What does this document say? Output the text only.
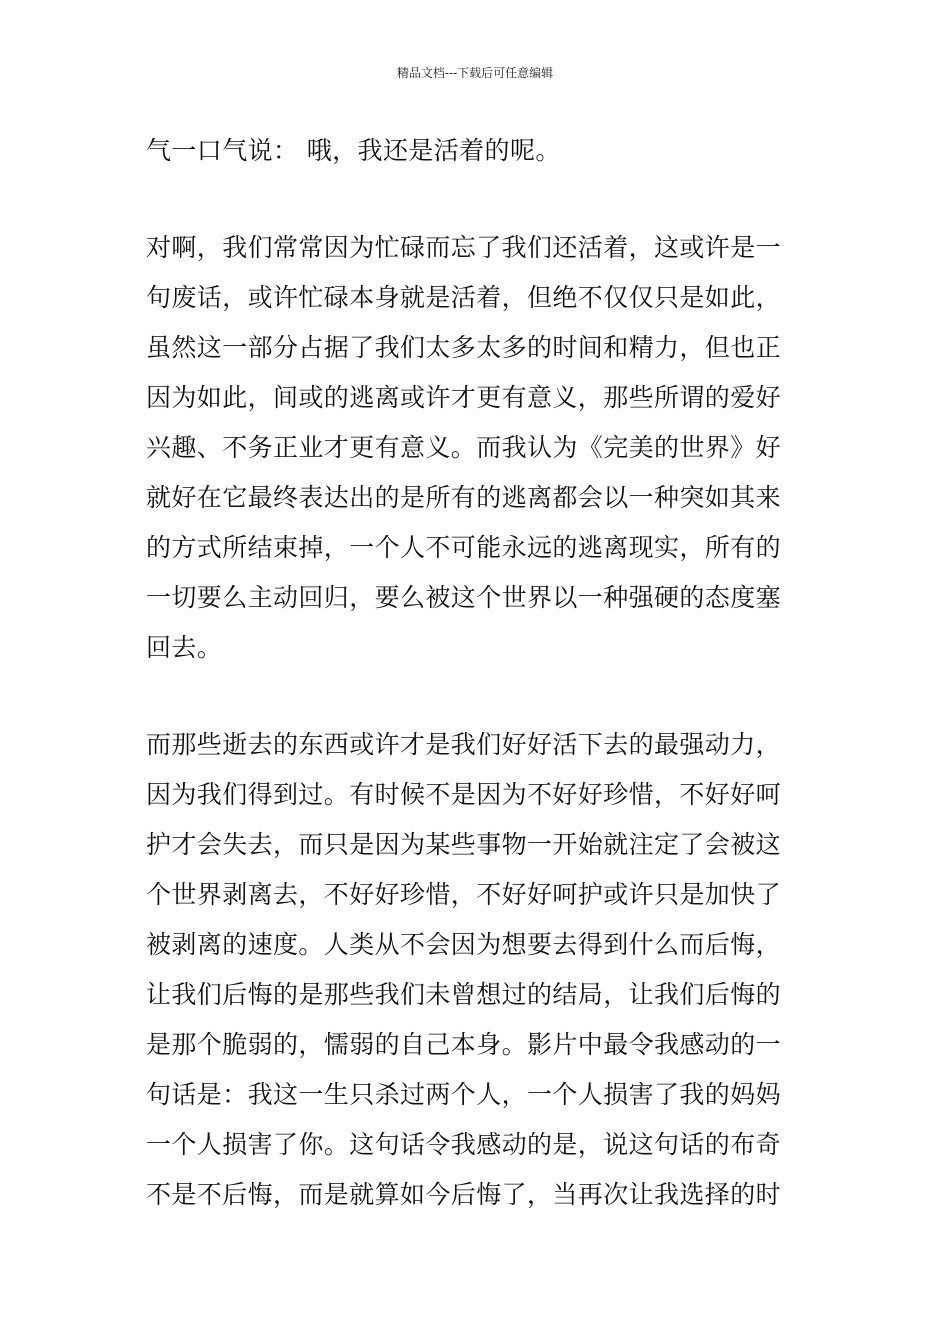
精品文档---下载后可任意编辑
气一口气说： 哦，我还是活着的呢。
对啊，我们常常因为忙碌而忘了我们还活着，这或许是一
句废话，或许忙碌本身就是活着，但绝不仅仅只是如此，
虽然这一部分占据了我们太多太多的时间和精力，但也正
因为如此，间或的逃离或许才更有意义，那些所谓的爱好
兴趣、不务正业才更有意义。而我认为《完美的世界》好
就好在它最终表达出的是所有的逃离都会以一种突如其来
的方式所结束掉，一个人不可能永远的逃离现实，所有的
一切要么主动回归，要么被这个世界以一种强硬的态度塞
回去。
而那些逝去的东西或许才是我们好好活下去的最强动力，
因为我们得到过。有时候不是因为不好好珍惜，不好好呵
护才会失去，而只是因为某些事物一开始就注定了会被这
个世界剥离去，不好好珍惜，不好好呵护或许只是加快了
被剥离的速度。人类从不会因为想要去得到什么而后悔，
让我们后悔的是那些我们未曾想过的结局，让我们后悔的
是那个脆弱的，懦弱的自己本身。影片中最令我感动的一
句话是：我这一生只杀过两个人，一个人损害了我的妈妈
一个人损害了你。这句话令我感动的是，说这句话的布奇
不是不后悔，而是就算如今后悔了，当再次让我选择的时
